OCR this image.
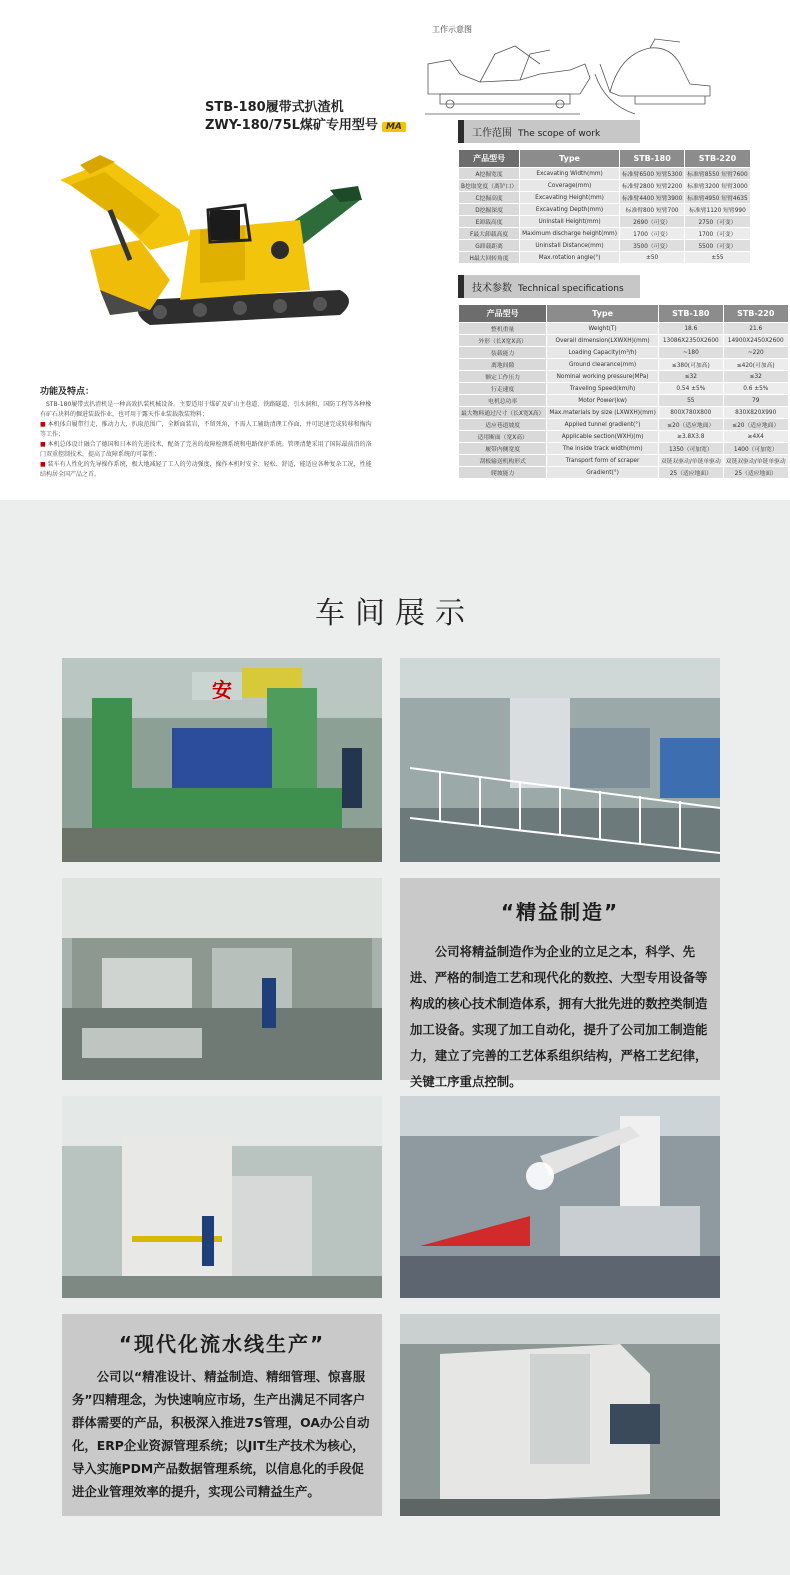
工作示意图
STB-180履带式扒渣机
ZWY-180/75L煤矿专用型号 MA
工作范围 The scope of work
产品型号	Type	STB-180	STB-220
A挖掘宽度	Excavating Width(mm)	标准臂6500 短臂5300	标准臂8550 短臂7600
B挖取宽度（离铲口）	Coverage(mm)	标准臂2800 短臂2200	标准臂3200 短臂3000
C挖掘高度	Excavating Height(mm)	标准臂4400 短臂3900	标准臂4950 短臂4635
D挖掘深度	Excavating Depth(mm)	标准臂800 短臂700	标准臂1120 短臂990
E卸载高度	Uninstall Height(mm)	2690（可变）	2750（可变）
F最大卸载高度	Maximum discharge height(mm)	1700（可变）	1700（可变）
G卸载距离	Uninstall Distance(mm)	3500（可变）	5500（可变）
H最大回转角度	Max.rotation angle(°)	±50	±55
技术参数 Technical specifications
产品型号	Type	STB-180	STB-220
整机重量	Weight(T)	18.6	21.6
外形（长X宽X高）	Overall dimension(LXWXH)(mm)	13086X2350X2600	14900X2450X2600
装载能力	Loading Capacity(m³/h)	~180	~220
离地间隙	Ground clearance(mm)	≤380(可加高)	≤420(可加高)
额定工作压力	Nominal working pressure(MPa)	≤32	≤32
行走速度	Traveling Speed(km/h)	0.54 ±5%	0.6 ±5%
电机总功率	Motor Power(kw)	55	79
最大物料通过尺寸（长X宽X高）	Max.materials by size (LXWXH)(mm)	800X780X800	830X820X990
适应巷道坡度	Applied tunnel gradient(°)	≤20（适应地面）	≤20（适应地面）
适用断面（宽X高）	Applicable section(WXH)(m)	≥3.8X3.8	≥4X4
履带内侧宽度	The inside track width(mm)	1350（可加宽）	1400（可加宽）
刮板输送机构形式	Transport form of scraper	双链双驱动/单链单驱动	双链双驱动/单链单驱动
爬坡能力	Gradient(°)	25（适应地面）	25（适应地面）
功能及特点：
STB-180履带式扒渣机是一种高效扒装机械设备。主要适用于煤矿及矿山主巷道、铁路隧道、引水洞和、国防工程等各种橡有矿石块料的掘进装载作业，也可用于露天作业装载散装物料；
■ 本机体自履带行走，推动力大，扒取范围广，全断面装岩，不留死角，不需人工辅助清理工作面，并可迅速完成转移和掏沟等工作；
■ 本机总体设计融合了德国和日本的先进技术，配备了完善的故障检测系统和电路保护系统。管理清楚采用了国际最前沿的洛门双重控制技术，提高了故障系统的可靠性；
■ 装车有人性化的先导操作系统，极大地减轻了工人的劳动强度，操作本机时安全、轻松、舒适，能适应各种复杂工况，性能结构居全国产品之首。
车间展示
安
“精益制造”
公司将精益制造作为企业的立足之本，科学、先进、严格的制造工艺和现代化的数控、大型专用设备等构成的核心技术制造体系，拥有大批先进的数控类制造加工设备。实现了加工自动化，提升了公司加工制造能力，建立了完善的工艺体系组织结构，严格工艺纪律，关键工序重点控制。
“现代化流水线生产”
公司以“精准设计、精益制造、精细管理、惊喜服务”四精理念，为快速响应市场，生产出满足不同客户群体需要的产品，积极深入推进7S管理，OA办公自动化，ERP企业资源管理系统；以JIT生产技术为核心，导入实施PDM产品数据管理系统，以信息化的手段促进企业管理效率的提升，实现公司精益生产。
